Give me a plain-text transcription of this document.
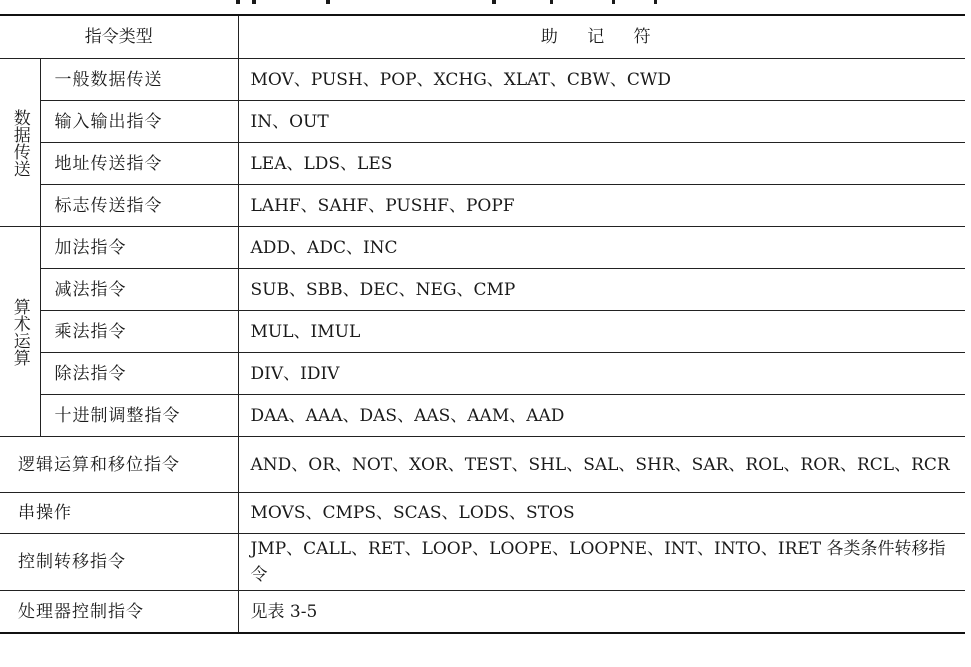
指令类型		助 记 符
数据传送	一般数据传送	MOV、PUSH、POP、XCHG、XLAT、CBW、CWD
	输入输出指令	IN、OUT
	地址传送指令	LEA、LDS、LES
	标志传送指令	LAHF、SAHF、PUSHF、POPF
算术运算	加法指令	ADD、ADC、INC
	减法指令	SUB、SBB、DEC、NEG、CMP
	乘法指令	MUL、IMUL
	除法指令	DIV、IDIV
	十进制调整指令	DAA、AAA、DAS、AAS、AAM、AAD
逻辑运算和移位指令		AND、OR、NOT、XOR、TEST、SHL、SAL、SHR、SAR、ROL、ROR、RCL、RCR
串操作		MOVS、CMPS、SCAS、LODS、STOS
控制转移指令		JMP、CALL、RET、LOOP、LOOPE、LOOPNE、INT、INTO、IRET 各类条件转移指令
处理器控制指令		见表 3-5
